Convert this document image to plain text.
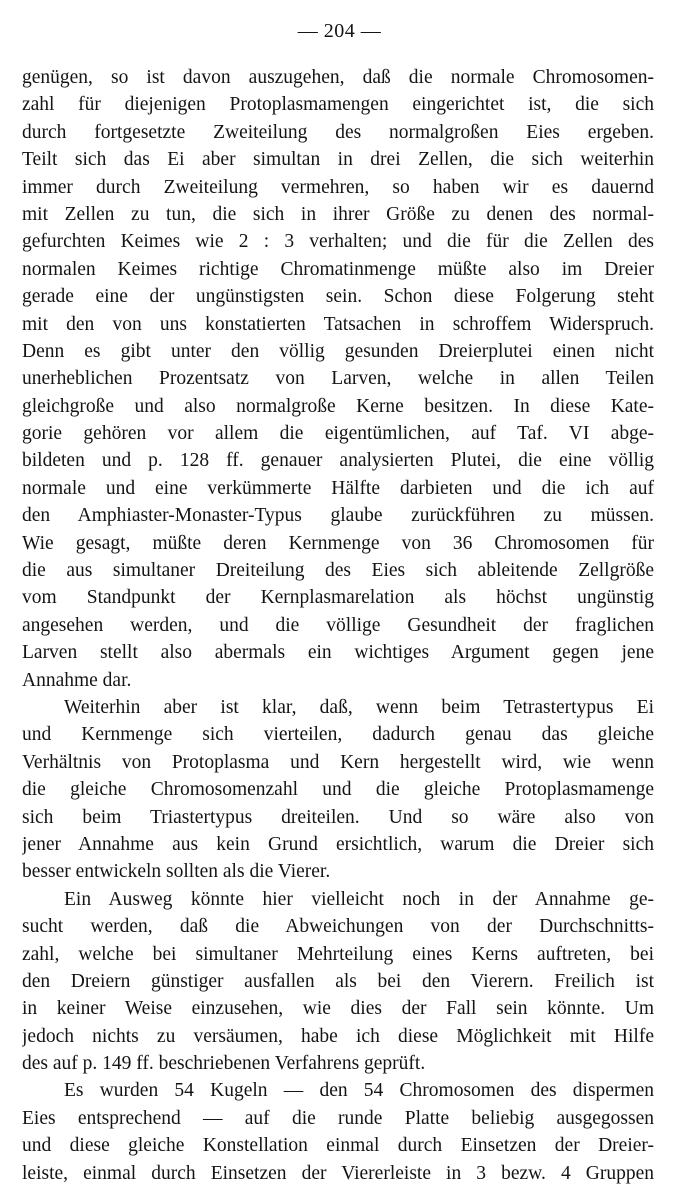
— 204 —
genügen, so ist davon auszugehen, daß die normale Chromosomen-
zahl für diejenigen Protoplasmamengen eingerichtet ist, die sich
durch fortgesetzte Zweiteilung des normalgroßen Eies ergeben.
Teilt sich das Ei aber simultan in drei Zellen, die sich weiterhin
immer durch Zweiteilung vermehren, so haben wir es dauernd
mit Zellen zu tun, die sich in ihrer Größe zu denen des normal-
gefurchten Keimes wie 2 : 3 verhalten; und die für die Zellen des
normalen Keimes richtige Chromatinmenge müßte also im Dreier
gerade eine der ungünstigsten sein. Schon diese Folgerung steht
mit den von uns konstatierten Tatsachen in schroffem Widerspruch.
Denn es gibt unter den völlig gesunden Dreierplutei einen nicht
unerheblichen Prozentsatz von Larven, welche in allen Teilen
gleichgroße und also normalgroße Kerne besitzen. In diese Kate-
gorie gehören vor allem die eigentümlichen, auf Taf. VI abge-
bildeten und p. 128 ff. genauer analysierten Plutei, die eine völlig
normale und eine verkümmerte Hälfte darbieten und die ich auf
den Amphiaster-Monaster-Typus glaube zurückführen zu müssen.
Wie gesagt, müßte deren Kernmenge von 36 Chromosomen für
die aus simultaner Dreiteilung des Eies sich ableitende Zellgröße
vom Standpunkt der Kernplasmarelation als höchst ungünstig
angesehen werden, und die völlige Gesundheit der fraglichen
Larven stellt also abermals ein wichtiges Argument gegen jene
Annahme dar.
Weiterhin aber ist klar, daß, wenn beim Tetrastertypus Ei
und Kernmenge sich vierteilen, dadurch genau das gleiche
Verhältnis von Protoplasma und Kern hergestellt wird, wie wenn
die gleiche Chromosomenzahl und die gleiche Protoplasmamenge
sich beim Triastertypus dreiteilen. Und so wäre also von
jener Annahme aus kein Grund ersichtlich, warum die Dreier sich
besser entwickeln sollten als die Vierer.
Ein Ausweg könnte hier vielleicht noch in der Annahme ge-
sucht werden, daß die Abweichungen von der Durchschnitts-
zahl, welche bei simultaner Mehrteilung eines Kerns auftreten, bei
den Dreiern günstiger ausfallen als bei den Vierern. Freilich ist
in keiner Weise einzusehen, wie dies der Fall sein könnte. Um
jedoch nichts zu versäumen, habe ich diese Möglichkeit mit Hilfe
des auf p. 149 ff. beschriebenen Verfahrens geprüft.
Es wurden 54 Kugeln — den 54 Chromosomen des dispermen
Eies entsprechend — auf die runde Platte beliebig ausgegossen
und diese gleiche Konstellation einmal durch Einsetzen der Dreier-
leiste, einmal durch Einsetzen der Viererleiste in 3 bezw. 4 Gruppen
